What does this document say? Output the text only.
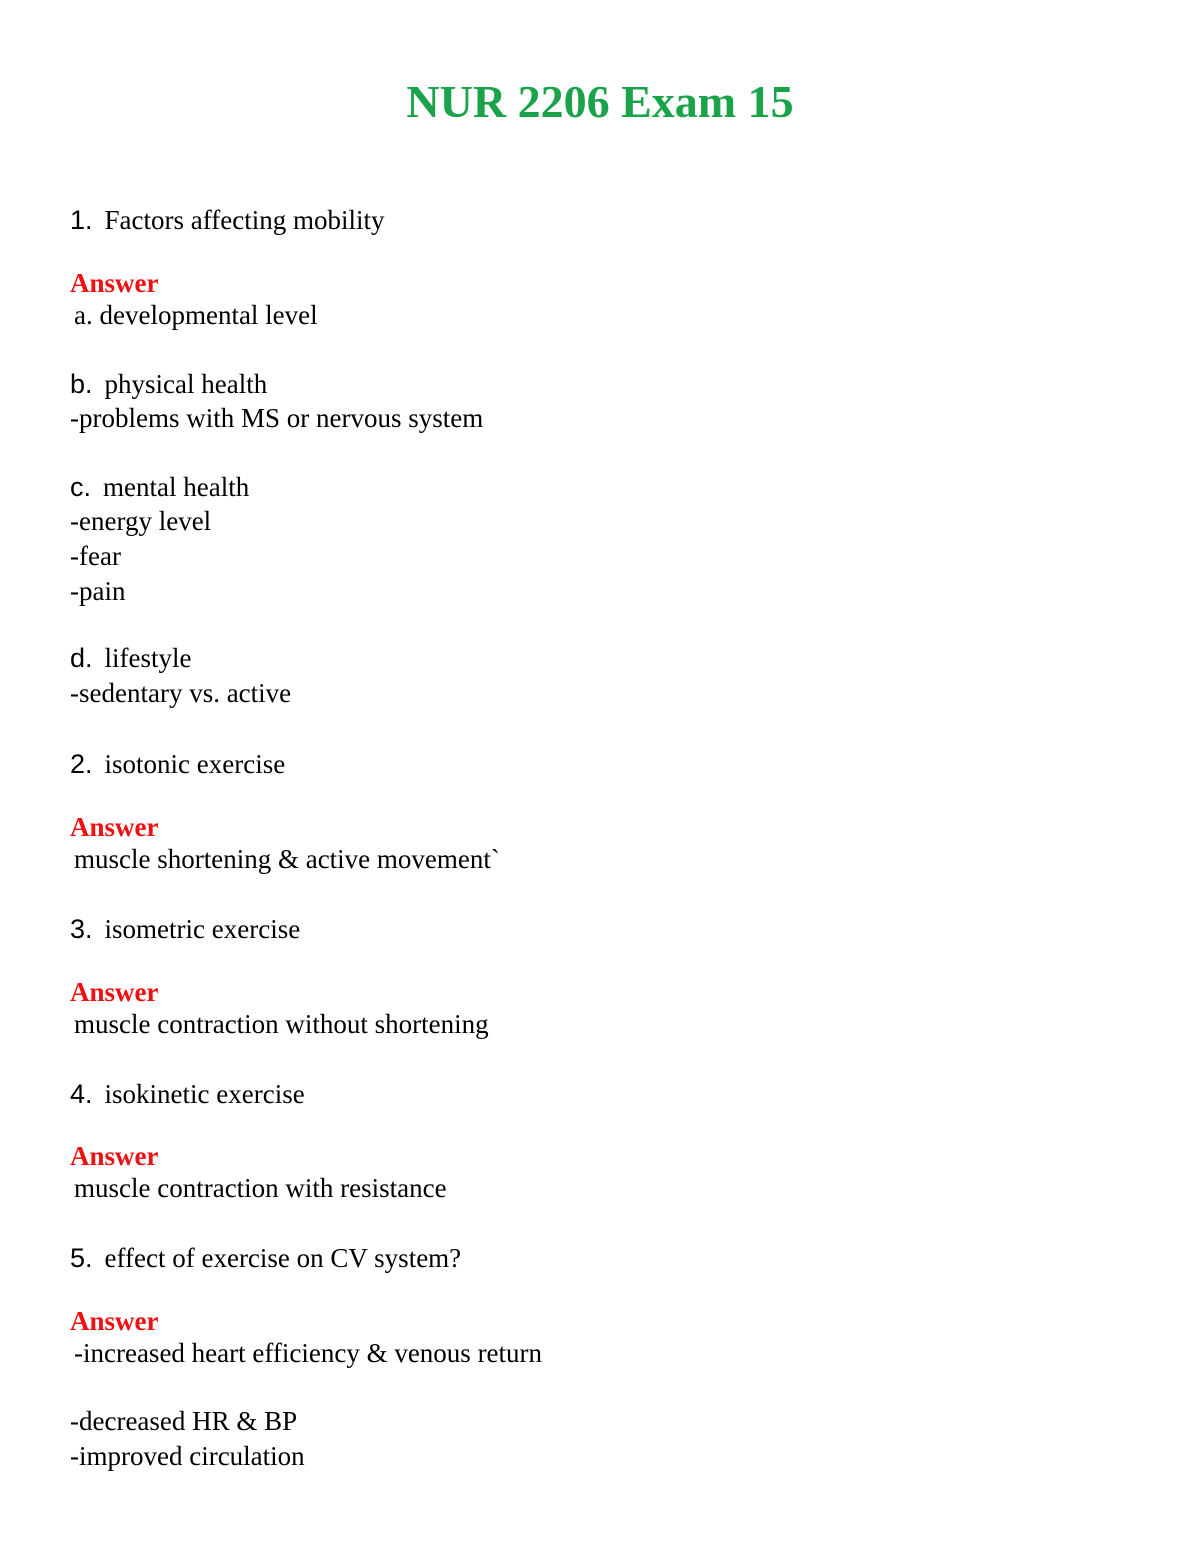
NUR 2206 Exam 15
1. Factors affecting mobility
Answer
a. developmental level
b. physical health
-problems with MS or nervous system
c. mental health
-energy level
-fear
-pain
d. lifestyle
-sedentary vs. active
2. isotonic exercise
Answer
muscle shortening & active movement`
3. isometric exercise
Answer
muscle contraction without shortening
4. isokinetic exercise
Answer
muscle contraction with resistance
5. effect of exercise on CV system?
Answer
-increased heart efficiency & venous return
-decreased HR & BP
-improved circulation
